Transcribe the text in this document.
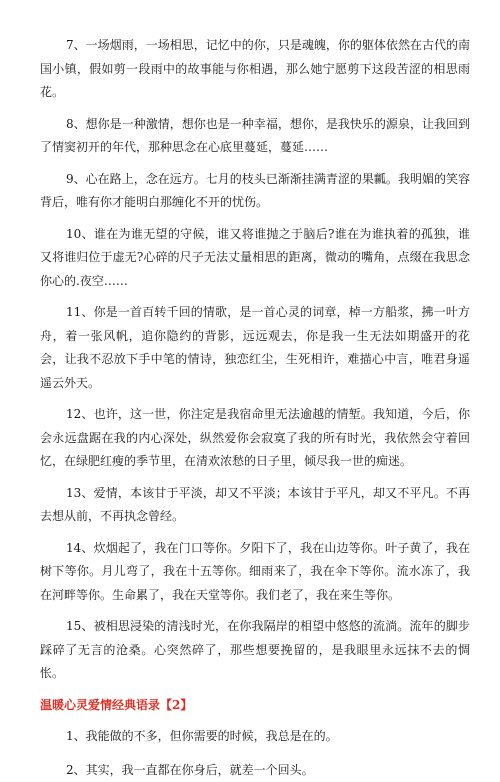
7、一场烟雨，一场相思，记忆中的你，只是魂魄，你的躯体依然在古代的南国小镇，假如剪一段雨中的故事能与你相遇，那么她宁愿剪下这段苦涩的相思雨花。

8、想你是一种激情，想你也是一种幸福，想你，是我快乐的源泉，让我回到了情窦初开的年代，那种思念在心底里蔓延，蔓延……

9、心在路上，念在远方。七月的枝头已渐渐挂满青涩的果瓤。我明媚的笑容背后，唯有你才能明白那缠化不开的忧伤。

10、谁在为谁无望的守候，谁又将谁抛之于脑后?谁在为谁执着的孤独，谁又将谁归位于虚无?心碎的尺子无法丈量相思的距离，微动的嘴角，点缀在我思念你心的.夜空……

11、你是一首百转千回的情歌，是一首心灵的词章，棹一方船浆，拂一叶方舟，着一张风帆，追你隐约的背影，远远观去，你是我一生无法如期盛开的花会，让我不忍放下手中笔的情诗，独恋红尘，生死相许，难描心中言，唯君身遥遥云外天。

12、也许，这一世，你注定是我宿命里无法逾越的情堑。我知道，今后，你会永远盘踞在我的内心深处，纵然爱你会寂寞了我的所有时光，我依然会守着回忆，在绿肥红瘦的季节里，在清欢浓愁的日子里，倾尽我一世的痴迷。

13、爱情，本该甘于平淡，却又不平淡；本该甘于平凡，却又不平凡。不再去想从前，不再执念曾经。

14、炊烟起了，我在门口等你。夕阳下了，我在山边等你。叶子黄了，我在树下等你。月儿弯了，我在十五等你。细雨来了，我在伞下等你。流水冻了，我在河畔等你。生命累了，我在天堂等你。我们老了，我在来生等你。

15、被相思浸染的清浅时光，在你我隔岸的相望中悠悠的流淌。流年的脚步踩碎了无言的沧桑。心突然碎了，那些想要挽留的，是我眼里永远抹不去的惆怅。

温暖心灵爱情经典语录【2】

1、我能做的不多，但你需要的时候，我总是在的。

2、其实，我一直都在你身后，就差一个回头。
